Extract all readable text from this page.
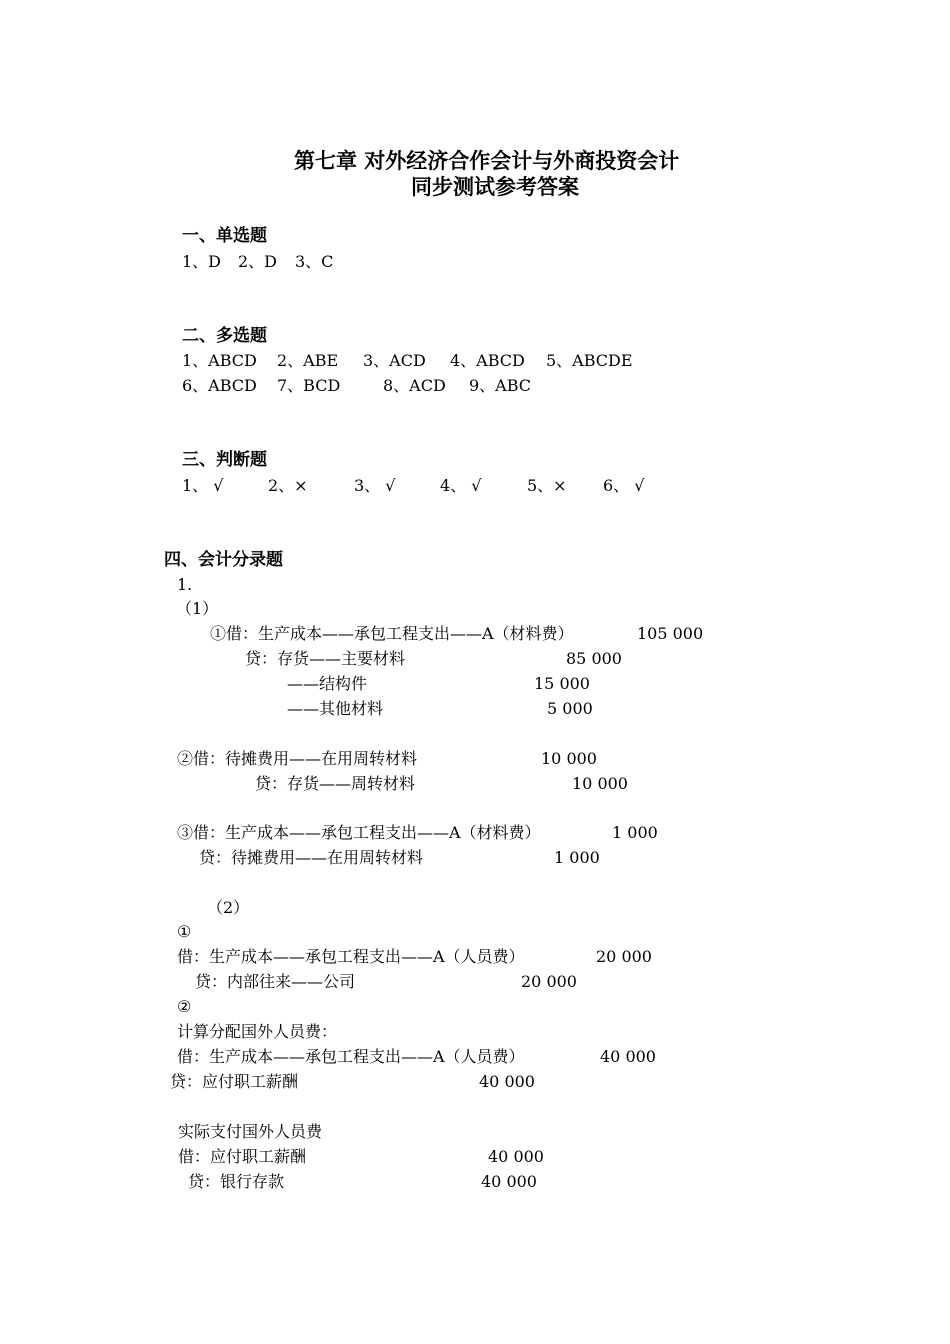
第七章 对外经济合作会计与外商投资会计
同步测试参考答案
一、单选题
1、D 2、D 3、C
二、多选题
1、ABCD 2、ABE 3、ACD 4、ABCD 5、ABCDE
6、ABCD 7、BCD	8、ACD 9、ABC
三、判断题
1、 √	2、×	3、 √	4、 √	5、× 6、 √
四、会计分录题
1.
（1）
①借：生产成本——承包工程支出——A（材料费）	105 000
贷：存货——主要材料	85 000
——结构件	15 000
——其他材料	5 000
②借：待摊费用——在用周转材料	10 000
贷：存货——周转材料	10 000
③借：生产成本——承包工程支出——A（材料费）	1 000
贷：待摊费用——在用周转材料	1 000
（2）
①
借：生产成本——承包工程支出——A（人员费）	20 000
贷：内部往来——公司	20 000
②
计算分配国外人员费：
借：生产成本——承包工程支出——A（人员费）	40 000
贷：应付职工薪酬	40 000
实际支付国外人员费
借：应付职工薪酬	40 000
贷：银行存款	40 000
